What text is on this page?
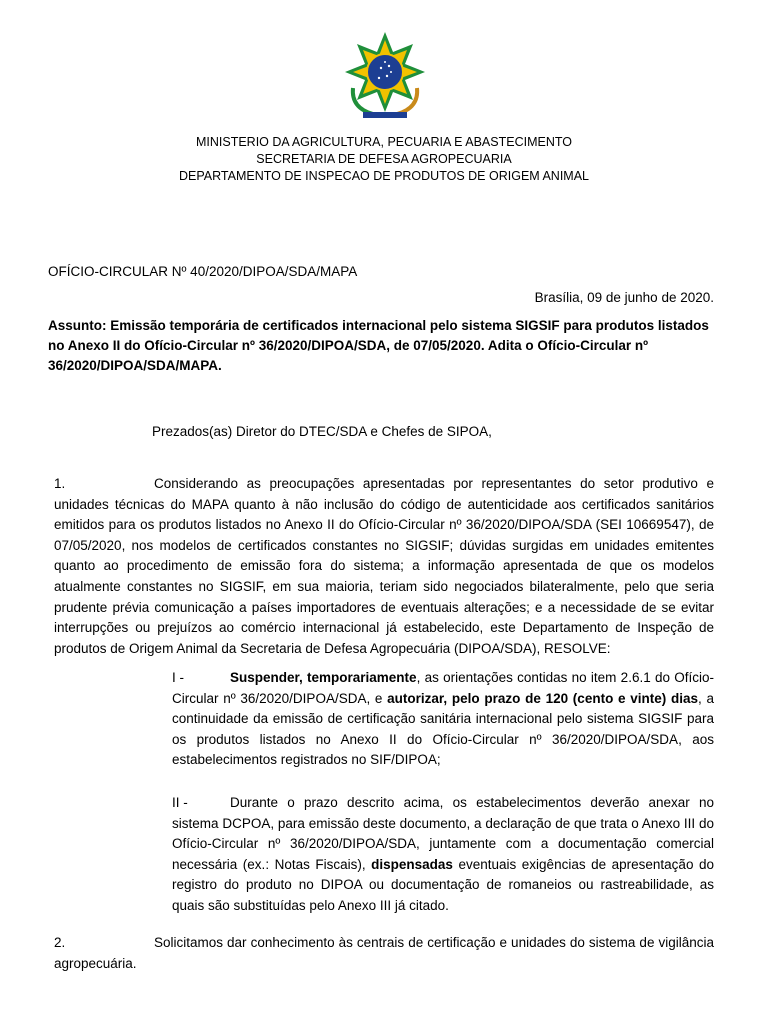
MINISTERIO DA AGRICULTURA, PECUARIA E ABASTECIMENTO
SECRETARIA DE DEFESA AGROPECUARIA
DEPARTAMENTO DE INSPECAO DE PRODUTOS DE ORIGEM ANIMAL
OFÍCIO-CIRCULAR Nº 40/2020/DIPOA/SDA/MAPA
Brasília, 09 de junho de 2020.
Assunto: Emissão temporária de certificados internacional pelo sistema SIGSIF para produtos listados no Anexo II do Ofício-Circular nº 36/2020/DIPOA/SDA, de 07/05/2020. Adita o Ofício-Circular nº 36/2020/DIPOA/SDA/MAPA.
Prezados(as) Diretor do DTEC/SDA e Chefes de SIPOA,
1.	Considerando as preocupações apresentadas por representantes do setor produtivo e unidades técnicas do MAPA quanto à não inclusão do código de autenticidade aos certificados sanitários emitidos para os produtos listados no Anexo II do Ofício-Circular nº 36/2020/DIPOA/SDA (SEI 10669547), de 07/05/2020, nos modelos de certificados constantes no SIGSIF; dúvidas surgidas em unidades emitentes quanto ao procedimento de emissão fora do sistema; a informação apresentada de que os modelos atualmente constantes no SIGSIF, em sua maioria, teriam sido negociados bilateralmente, pelo que seria prudente prévia comunicação a países importadores de eventuais alterações; e a necessidade de se evitar interrupções ou prejuízos ao comércio internacional já estabelecido, este Departamento de Inspeção de produtos de Origem Animal da Secretaria de Defesa Agropecuária (DIPOA/SDA), RESOLVE:
I -	Suspender, temporariamente, as orientações contidas no item 2.6.1 do Ofício-Circular nº 36/2020/DIPOA/SDA, e autorizar, pelo prazo de 120 (cento e vinte) dias, a continuidade da emissão de certificação sanitária internacional pelo sistema SIGSIF para os produtos listados no Anexo II do Ofício-Circular nº 36/2020/DIPOA/SDA, aos estabelecimentos registrados no SIF/DIPOA;
II -	Durante o prazo descrito acima, os estabelecimentos deverão anexar no sistema DCPOA, para emissão deste documento, a declaração de que trata o Anexo III do Ofício-Circular nº 36/2020/DIPOA/SDA, juntamente com a documentação comercial necessária (ex.: Notas Fiscais), dispensadas eventuais exigências de apresentação do registro do produto no DIPOA ou documentação de romaneios ou rastreabilidade, as quais são substituídas pelo Anexo III já citado.
2.	Solicitamos dar conhecimento às centrais de certificação e unidades do sistema de vigilância agropecuária.
